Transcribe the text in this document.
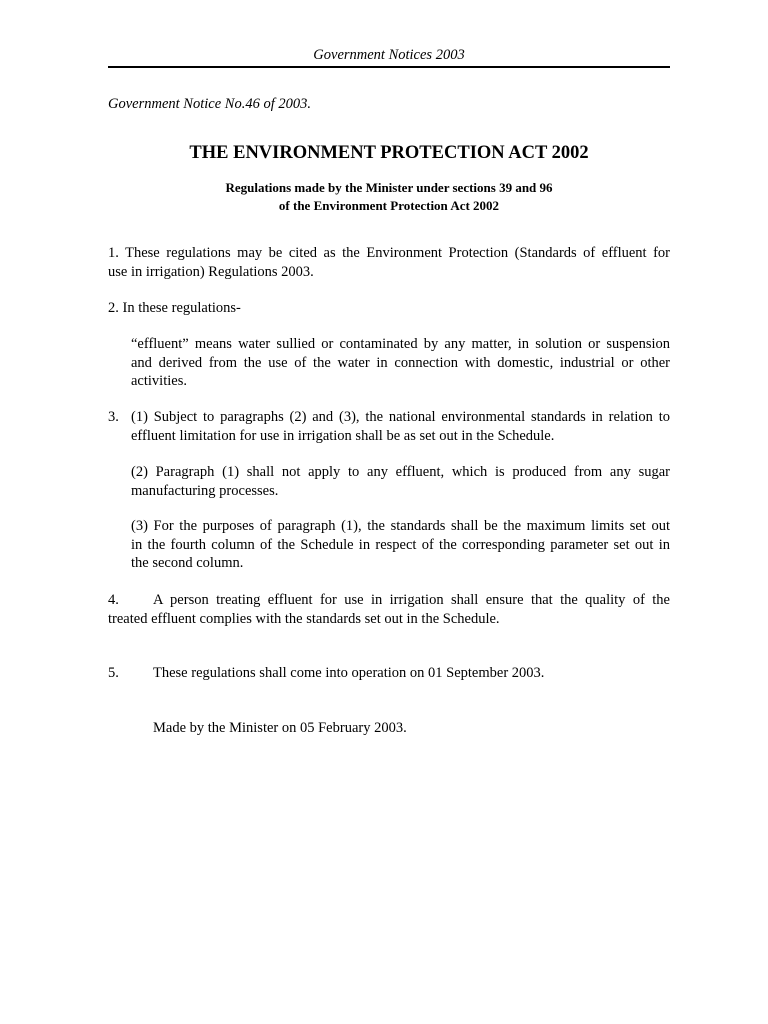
Government Notices 2003
Government Notice No.46 of 2003.
THE ENVIRONMENT PROTECTION ACT 2002
Regulations made by the Minister under sections 39 and 96
of the Environment Protection Act 2002
1. These regulations may be cited as the Environment Protection (Standards of effluent for
use in irrigation) Regulations 2003.
2. In these regulations-
“effluent” means water sullied or contaminated by any matter, in solution or suspension
and derived from the use of the water in connection with domestic, industrial or other
activities.
3. (1) Subject to paragraphs (2) and (3), the national environmental standards in relation to
effluent limitation for use in irrigation shall be as set out in the Schedule.
(2) Paragraph (1) shall not apply to any effluent, which is produced from any sugar
manufacturing processes.
(3) For the purposes of paragraph (1), the standards shall be the maximum limits set out
in the fourth column of the Schedule in respect of the corresponding parameter set out in
the second column.
4.	A person treating effluent for use in irrigation shall ensure that the quality of the
treated effluent complies with the standards set out in the Schedule.
5.	These regulations shall come into operation on 01 September 2003.
Made by the Minister on 05 February 2003.
